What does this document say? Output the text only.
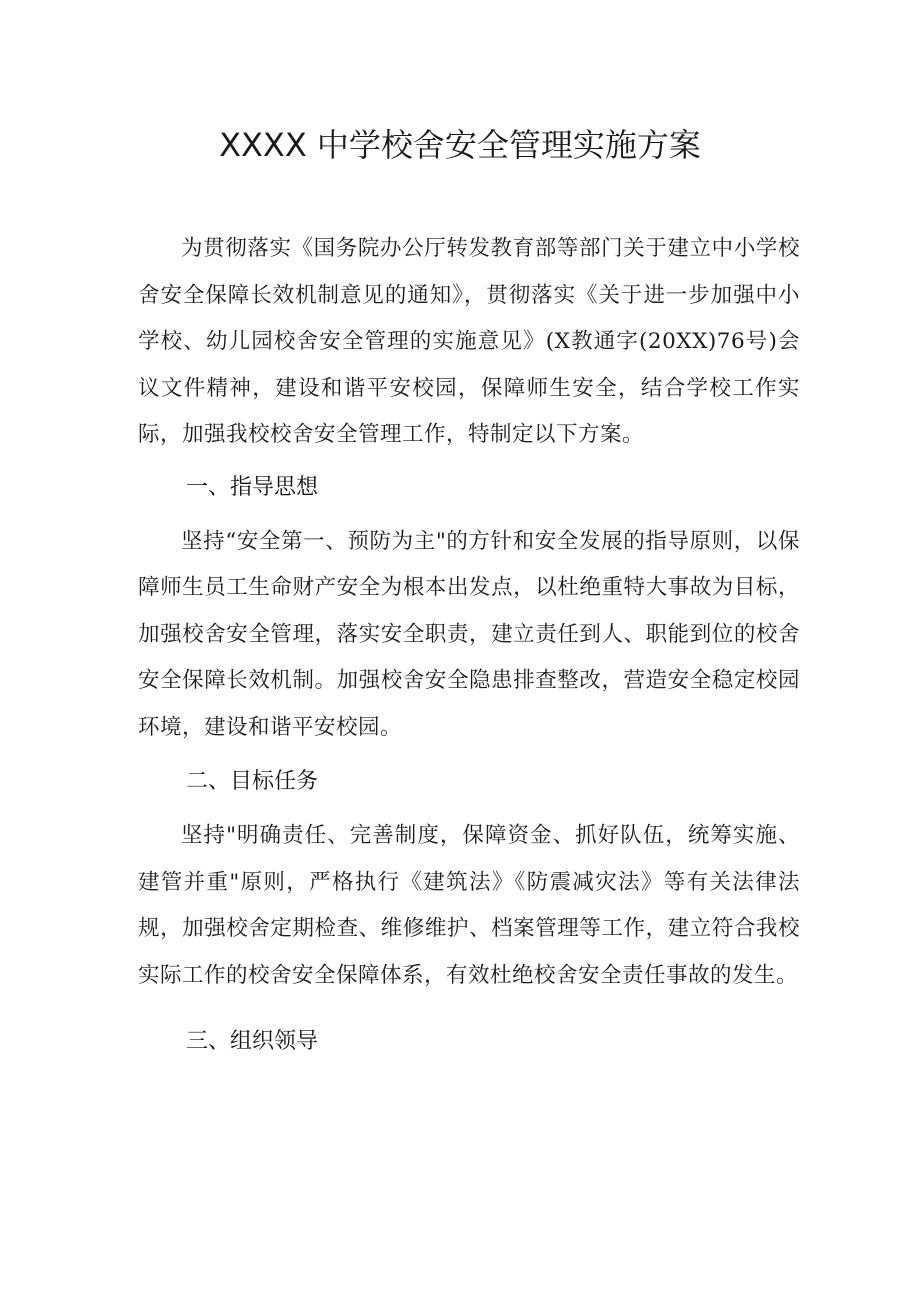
XXXX 中学校舍安全管理实施方案

为贯彻落实《国务院办公厅转发教育部等部门关于建立中小学校舍安全保障长效机制意见的通知》，贯彻落实《关于进一步加强中小学校、幼儿园校舍安全管理的实施意见》(X教通字(20XX)76号)会议文件精神，建设和谐平安校园，保障师生安全，结合学校工作实际，加强我校校舍安全管理工作，特制定以下方案。

一、指导思想

坚持“安全第一、预防为主"的方针和安全发展的指导原则，以保障师生员工生命财产安全为根本出发点，以杜绝重特大事故为目标，加强校舍安全管理，落实安全职责，建立责任到人、职能到位的校舍安全保障长效机制。加强校舍安全隐患排查整改，营造安全稳定校园环境，建设和谐平安校园。

二、目标任务

坚持"明确责任、完善制度，保障资金、抓好队伍，统筹实施、建管并重"原则，严格执行《建筑法》《防震减灾法》等有关法律法规，加强校舍定期检查、维修维护、档案管理等工作，建立符合我校实际工作的校舍安全保障体系，有效杜绝校舍安全责任事故的发生。

三、组织领导
